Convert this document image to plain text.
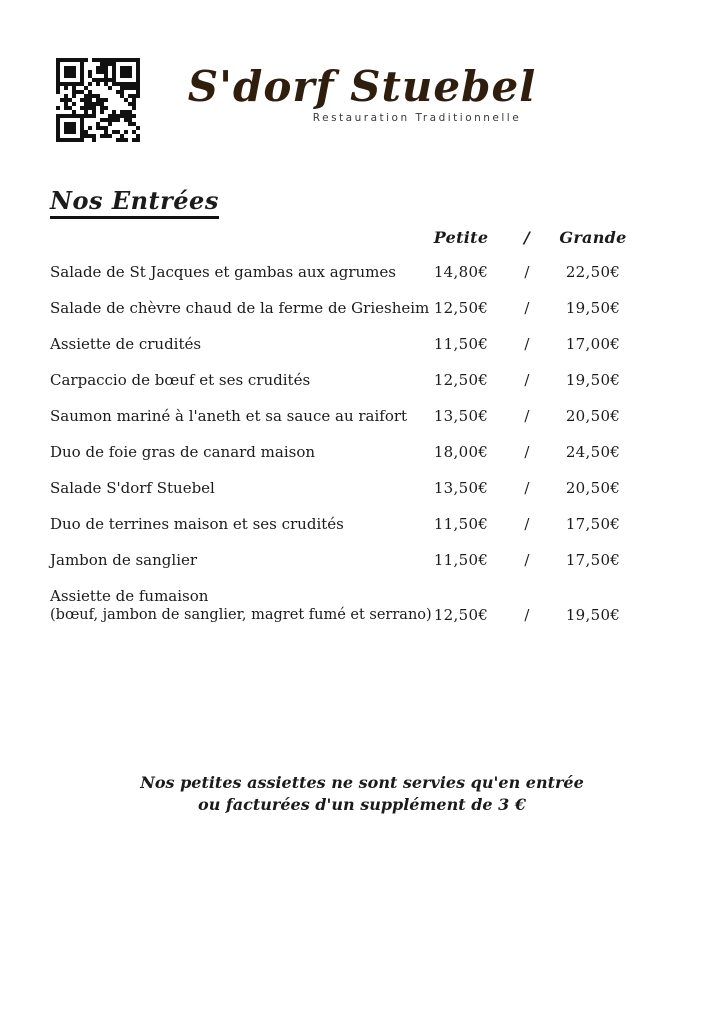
S'dorf Stuebel
Restauration Traditionnelle
Nos Entrées
Petite	/	Grande
Salade de St Jacques et gambas aux agrumes	14,80€	/	22,50€
Salade de chèvre chaud de la ferme de Griesheim 12,50€	/	19,50€
Assiette de crudités	11,50€	/	17,00€
Carpaccio de bœuf et ses crudités	12,50€	/	19,50€
Saumon mariné à l'aneth et sa sauce au raifort	13,50€	/	20,50€
Duo de foie gras de canard maison	18,00€	/	24,50€
Salade S'dorf Stuebel	13,50€	/	20,50€
Duo de terrines maison et ses crudités	11,50€	/	17,50€
Jambon de sanglier	11,50€	/	17,50€
Assiette de fumaison
(bœuf, jambon de sanglier, magret fumé et serrano) 12,50€	/	19,50€
Nos petites assiettes ne sont servies qu'en entrée
ou facturées d'un supplément de 3 €
